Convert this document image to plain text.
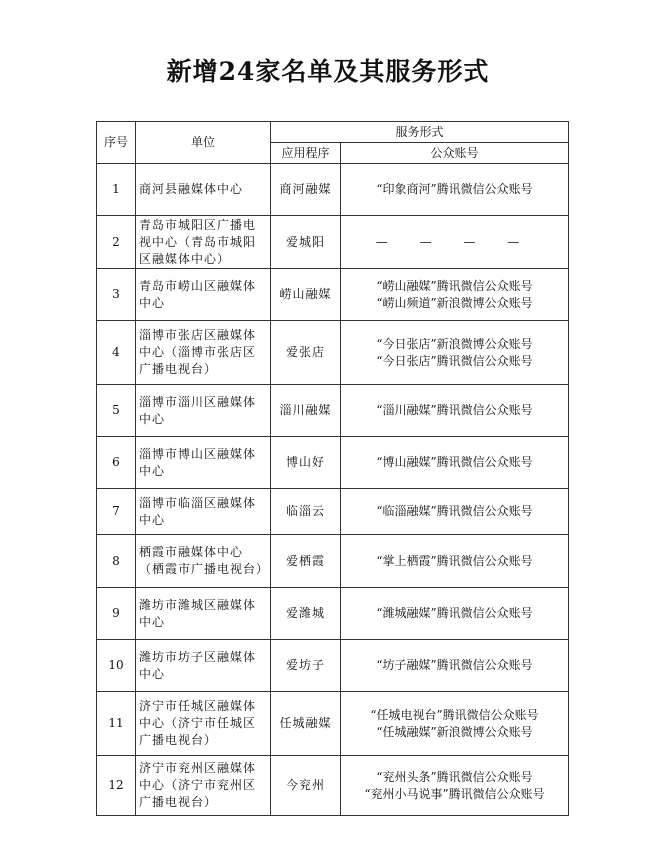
新增24家名单及其服务形式
序号	单位	服务形式	
		应用程序	公众账号
1	商河县融媒体中心	商河融媒	“印象商河”腾讯微信公众账号

2	青岛市城阳区广播电视中心（青岛市城阳区融媒体中心）	爱城阳	— — — —

3	青岛市崂山区融媒体中心	崂山融媒	“崂山融媒”腾讯微信公众账号
“崂山频道”新浪微博公众账号

4	淄博市张店区融媒体中心（淄博市张店区广播电视台）	爱张店	“今日张店”新浪微博公众账号
“今日张店”腾讯微信公众账号

5	淄博市淄川区融媒体中心	淄川融媒	“淄川融媒”腾讯微信公众账号

6	淄博市博山区融媒体中心	博山好	“博山融媒”腾讯微信公众账号

7	淄博市临淄区融媒体中心	临淄云	“临淄融媒”腾讯微信公众账号

8	栖霞市融媒体中心（栖霞市广播电视台）	爱栖霞	“掌上栖霞”腾讯微信公众账号

9	潍坊市潍城区融媒体中心	爱潍城	“潍城融媒”腾讯微信公众账号

10	潍坊市坊子区融媒体中心	爱坊子	“坊子融媒”腾讯微信公众账号

11	济宁市任城区融媒体中心（济宁市任城区广播电视台）	任城融媒	“任城电视台”腾讯微信公众账号
“任城融媒”新浪微博公众账号

12	济宁市兖州区融媒体中心（济宁市兖州区广播电视台）	今兖州	“兖州头条”腾讯微信公众账号
“兖州小马说事”腾讯微信公众账号
